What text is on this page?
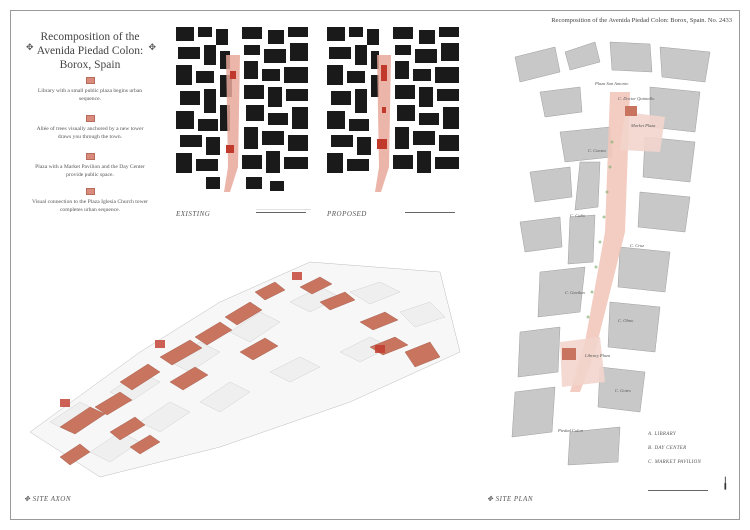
✥
Recomposition of the Avenida Piedad Colon: Borox, Spain
✥
Library with a small public plaza begins urban sequence.
Allée of trees visually anchored by a new tower draws you through the town.
Plaza with a Market Pavilion and the Day Center provide public space.
Visual connection to the Plaza Iglesia Church tower completes urban sequence.
Recomposition of the Avenida Piedad Colon: Borox, Spain. No. 2433
EXISTING	PROPOSED
✥ SITE AXON
Plaza San Antonio
C. Doctor Quintallo
Market Plaza
C. Cuesta
C. Caño
C. Cruz
C. Gavilan
C. Olmo
Library Plaza
C. Gotes
Piedad Colon
A. LIBRARY
B. DAY CENTER
C. MARKET PAVILION
╽
✥ SITE PLAN
